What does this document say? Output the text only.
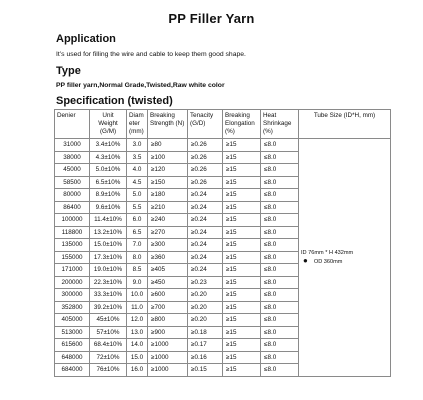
PP Filler Yarn
Application
It’s used for filling the wire and cable to keep them good shape.
Type
PP filler yarn,Normal Grade,Twisted,Raw white color
Specification (twisted)
Denier	Unit Weight (G/M)	Diam eter (mm)	Breaking Strength (N)	Tenacity (G/D)	Breaking Elongation (%)	Heat Shrinkage (%)	Tube Size (ID*H, mm)
31000	3.4±10%	3.0	≥80	≥0.26	≥15	≤8.0	ID 76mm * H 432mm
● OD 360mm

38000	4.3±10%	3.5	≥100	≥0.26	≥15	≤8.0	
45000	5.0±10%	4.0	≥120	≥0.26	≥15	≤8.0	
58500	6.5±10%	4.5	≥150	≥0.26	≥15	≤8.0	
80000	8.9±10%	5.0	≥180	≥0.24	≥15	≤8.0	
86400	9.6±10%	5.5	≥210	≥0.24	≥15	≤8.0	
100000	11.4±10%	6.0	≥240	≥0.24	≥15	≤8.0	
118800	13.2±10%	6.5	≥270	≥0.24	≥15	≤8.0	
135000	15.0±10%	7.0	≥300	≥0.24	≥15	≤8.0	
155000	17.3±10%	8.0	≥360	≥0.24	≥15	≤8.0	
171000	19.0±10%	8.5	≥405	≥0.24	≥15	≤8.0	
200000	22.3±10%	9.0	≥450	≥0.23	≥15	≤8.0	
300000	33.3±10%	10.0	≥600	≥0.20	≥15	≤8.0	
352800	39.2±10%	11.0	≥700	≥0.20	≥15	≤8.0	
405000	45±10%	12.0	≥800	≥0.20	≥15	≤8.0	
513000	57±10%	13.0	≥900	≥0.18	≥15	≤8.0	
615600	68.4±10%	14.0	≥1000	≥0.17	≥15	≤8.0	
648000	72±10%	15.0	≥1000	≥0.16	≥15	≤8.0	
684000	76±10%	16.0	≥1000	≥0.15	≥15	≤8.0	
